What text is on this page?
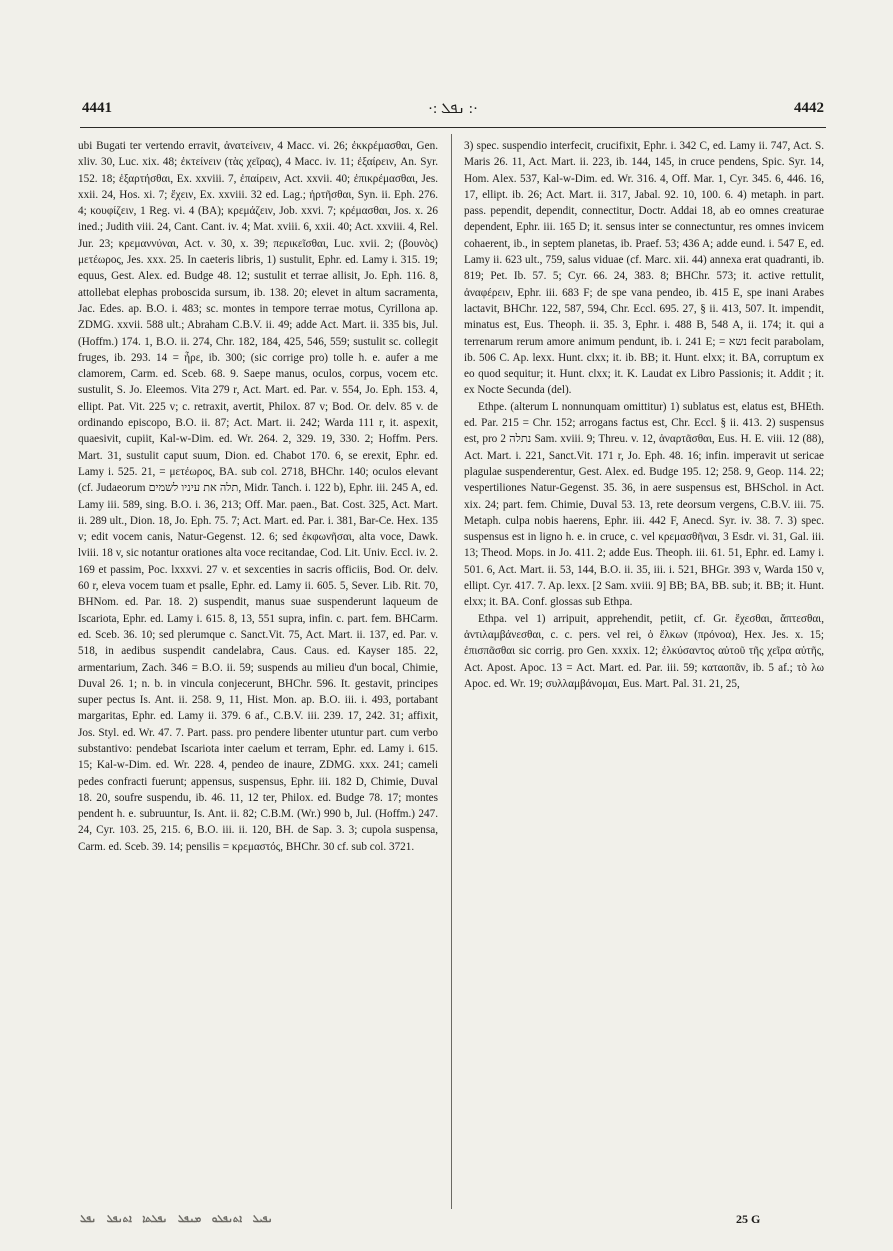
4441	·: ܢܦܠ :·	4442

ubi Bugati ter vertendo erravit, ἀνατείνειν, 4 Macc. vi. 26; ἐκκρέμασθαι, Gen. xliv. 30, Luc. xix. 48; ἐκτείνειν (τὰς χεῖρας), 4 Macc. iv. 11; ἐξαίρειν, An. Syr. 152. 18; ἐξαρτήσθαι, Ex. xxviii. 7, ἐπαίρειν, Act. xxvii. 40; ἐπικρέμασθαι, Jes. xxii. 24, Hos. xi. 7; ἔχειν, Ex. xxviii. 32 ed. Lag.; ἠρτῆσθαι, Syn. ii. Eph. 276. 4; κουφίζειν, 1 Reg. vi. 4 (BA); κρεμάζειν, Job. xxvi. 7; κρέμασθαι, Jos. x. 26 ined.; Judith viii. 24, Cant. Cant. iv. 4; Mat. xviii. 6, xxii. 40; Act. xxviii. 4, Rel. Jur. 23; κρεμαννύναι, Act. v. 30, x. 39; περικεῖσθαι, Luc. xvii. 2; (βουνὸς) μετέωρος, Jes. xxx. 25. In caeteris libris, 1) sustulit, Ephr. ed. Lamy i. 315. 19; equus, Gest. Alex. ed. Budge 48. 12; sustulit et terrae allisit, Jo. Eph. 116. 8, attollebat elephas proboscida sursum, ib. 138. 20; elevet in altum sacramenta, Jac. Edes. ap. B.O. i. 483; sc. montes in tempore terrae motus, Cyrillona ap. ZDMG. xxvii. 588 ult.; Abraham C.B.V. ii. 49; adde Act. Mart. ii. 335 bis, Jul. (Hoffm.) 174. 1, B.O. ii. 274, Chr. 182, 184, 425, 546, 559; sustulit sc. collegit fruges, ib. 293. 14 = ἦρε, ib. 300; (sic corrige pro) tolle h. e. aufer a me clamorem, Carm. ed. Sceb. 68. 9. Saepe manus, oculos, corpus, vocem etc. sustulit, S. Jo. Eleemos. Vita 279 r, Act. Mart. ed. Par. v. 554, Jo. Eph. 153. 4, ellipt. Pat. Vit. 225 v; c. retraxit, avertit, Philox. 87 v; Bod. Or. delv. 85 v. de ordinando episcopo, B.O. ii. 87; Act. Mart. ii. 242; Warda 111 r, it. aspexit, quaesivit, cupiit, Kal-w-Dim. ed. Wr. 264. 2, 329. 19, 330. 2; Hoffm. Pers. Mart. 31, sustulit caput suum, Dion. ed. Chabot 170. 6, se erexit, Ephr. ed. Lamy i. 525. 21, = μετέωρος, BA. sub col. 2718, BHChr. 140; oculos elevant (cf. Judaeorum תלה את עיניו לשמים, Midr. Tanch. i. 122 b), Ephr. iii. 245 A, ed. Lamy iii. 589, sing. B.O. i. 36, 213; Off. Mar. paen., Bat. Cost. 325, Act. Mart. ii. 289 ult., Dion. 18, Jo. Eph. 75. 7; Act. Mart. ed. Par. i. 381, Bar-Ce. Hex. 135 v; edit vocem canis, Natur-Gegenst. 12. 6; sed ἐκφωνῆσαι, alta voce, Dawk. lviii. 18 v, sic notantur orationes alta voce recitandae, Cod. Lit. Univ. Eccl. iv. 2. 169 et passim, Poc. lxxxvi. 27 v. et sexcenties in sacris officiis, Bod. Or. delv. 60 r, eleva vocem tuam et psalle, Ephr. ed. Lamy ii. 605. 5, Sever. Lib. Rit. 70, BHNom. ed. Par. 18. 2) suspendit, manus suae suspenderunt laqueum de Iscariota, Ephr. ed. Lamy i. 615. 8, 13, 551 supra, infin. c. part. fem. BHCarm. ed. Sceb. 36. 10; sed plerumque c. Sanct.Vit. 75, Act. Mart. ii. 137, ed. Par. v. 518, in aedibus suspendit candelabra, Caus. Caus. ed. Kayser 185. 22, armentarium, Zach. 346 = B.O. ii. 59; suspends au milieu d'un bocal, Chimie, Duval 26. 1; n. b. in vincula conjecerunt, BHChr. 596. It. gestavit, principes super pectus Is. Ant. ii. 258. 9, 11, Hist. Mon. ap. B.O. iii. i. 493, portabant margaritas, Ephr. ed. Lamy ii. 379. 6 af., C.B.V. iii. 239. 17, 242. 31; affixit, Jos. Styl. ed. Wr. 47. 7. Part. pass. pro pendere libenter utuntur part. cum verbo substantivo: pendebat Iscariota inter caelum et terram, Ephr. ed. Lamy i. 615. 15; Kal-w-Dim. ed. Wr. 228. 4, pendeo de inaure, ZDMG. xxx. 241; cameli pedes confracti fuerunt; appensus, suspensus, Ephr. iii. 182 D, Chimie, Duval 18. 20, soufre suspendu, ib. 46. 11, 12 ter, Philox. ed. Budge 78. 17; montes pendent h. e. subruuntur, Is. Ant. ii. 82; C.B.M. (Wr.) 990 b, Jul. (Hoffm.) 247. 24, Cyr. 103. 25, 215. 6, B.O. iii. ii. 120, BH. de Sap. 3. 3; cupola suspensa, Carm. ed. Sceb. 39. 14; pensilis = κρεμαστός, BHChr. 30 cf. sub col. 3721.

3) spec. suspendio interfecit, crucifixit, Ephr. i. 342 C, ed. Lamy ii. 747, Act. S. Maris 26. 11, Act. Mart. ii. 223, ib. 144, 145, in cruce pendens, Spic. Syr. 14, Hom. Alex. 537, Kal-w-Dim. ed. Wr. 316. 4, Off. Mar. 1, Cyr. 345. 6, 446. 16, 17, ellipt. ib. 26; Act. Mart. ii. 317, Jabal. 92. 10, 100. 6. 4) metaph. in part. pass. pependit, dependit, connectitur, Doctr. Addai 18, ab eo omnes creaturae dependent, Ephr. iii. 165 D; it. sensus inter se connectuntur, res omnes invicem cohaerent, ib., in septem planetas, ib. Praef. 53; 436 A; adde eund. i. 547 E, ed. Lamy ii. 623 ult., 759, salus viduae (cf. Marc. xii. 44) annexa erat quadranti, ib. 819; Pet. Ib. 57. 5; Cyr. 66. 24, 383. 8; BHChr. 573; it. active rettulit, ἀναφέρειν, Ephr. iii. 683 F; de spe vana pendeo, ib. 415 E, spe inani Arabes lactavit, BHChr. 122, 587, 594, Chr. Eccl. 695. 27, § ii. 413, 507. It. impendit, minatus est, Eus. Theoph. ii. 35. 3, Ephr. i. 488 B, 548 A, ii. 174; it. qui a terrenarum rerum amore animum pendunt, ib. i. 241 E; = נשא fecit parabolam, ib. 506 C. Ap. lexx. Hunt. clxx; it. ib. BB; it. Hunt. elxx; it. BA, corruptum ex eo quod sequitur; it. Hunt. clxx; it. K. Laudat ex Libro Passionis; it. Addit ; it. ex Nocte Secunda (del).

Ethpe. (alterum L nonnunquam omittitur) 1) sublatus est, elatus est, BHEth. ed. Par. 215 = Chr. 152; arrogans factus est, Chr. Eccl. § ii. 413. 2) suspensus est, pro נתלה 2 Sam. xviii. 9; Threu. v. 12, ἀναρτᾶσθαι, Eus. H. E. viii. 12 (88), Act. Mart. i. 221, Sanct.Vit. 171 r, Jo. Eph. 48. 16; infin. imperavit ut sericae plagulae suspenderentur, Gest. Alex. ed. Budge 195. 12; 258. 9, Geop. 114. 22; vespertiliones Natur-Gegenst. 35. 36, in aere suspensus est, BHSchol. in Act. xix. 24; part. fem. Chimie, Duval 53. 13, rete deorsum vergens, C.B.V. iii. 75. Metaph. culpa nobis haerens, Ephr. iii. 442 F, Anecd. Syr. iv. 38. 7. 3) spec. suspensus est in ligno h. e. in cruce, c. vel κρεμασθῆναι, 3 Esdr. vi. 31, Gal. iii. 13; Theod. Mops. in Jo. 411. 2; adde Eus. Theoph. iii. 61. 51, Ephr. ed. Lamy i. 501. 6, Act. Mart. ii. 53, 144, B.O. ii. 35, iii. i. 521, BHGr. 393 v, Warda 150 v, ellipt. Cyr. 417. 7. Ap. lexx. [2 Sam. xviii. 9] BB; BA, BB. sub; it. BB; it. Hunt. elxx; it. BA. Conf. glossas sub Ethpa.

Ethpa. vel 1) arripuit, apprehendit, petiit, cf. Gr. ἔχεσθαι, ἅπτεσθαι, ἀντιλαμβάνεσθαι, c. c. pers. vel rei, ὁ ἔλκων (πρόνοα), Hex. Jes. x. 15; ἐπισπᾶσθαι sic corrig. pro Gen. xxxix. 12; ἐλκύσαντος αὐτοῦ τῆς χεῖρα αὐτῆς, Act. Apost. Apoc. 13 = Act. Mart. ed. Par. iii. 59; καταοπᾶν, ib. 5 af.; τὸ λω Apoc. ed. Wr. 19; συλλαμβάνομαι, Eus. Mart. Pal. 31. 21, 25,

25 G
ܢܦܠ ܐܬܢܦܠ ܢܦܠܬܐ ܡܢܦܠ ܐܬܢܦܠܘ ܢܦܝܠ
